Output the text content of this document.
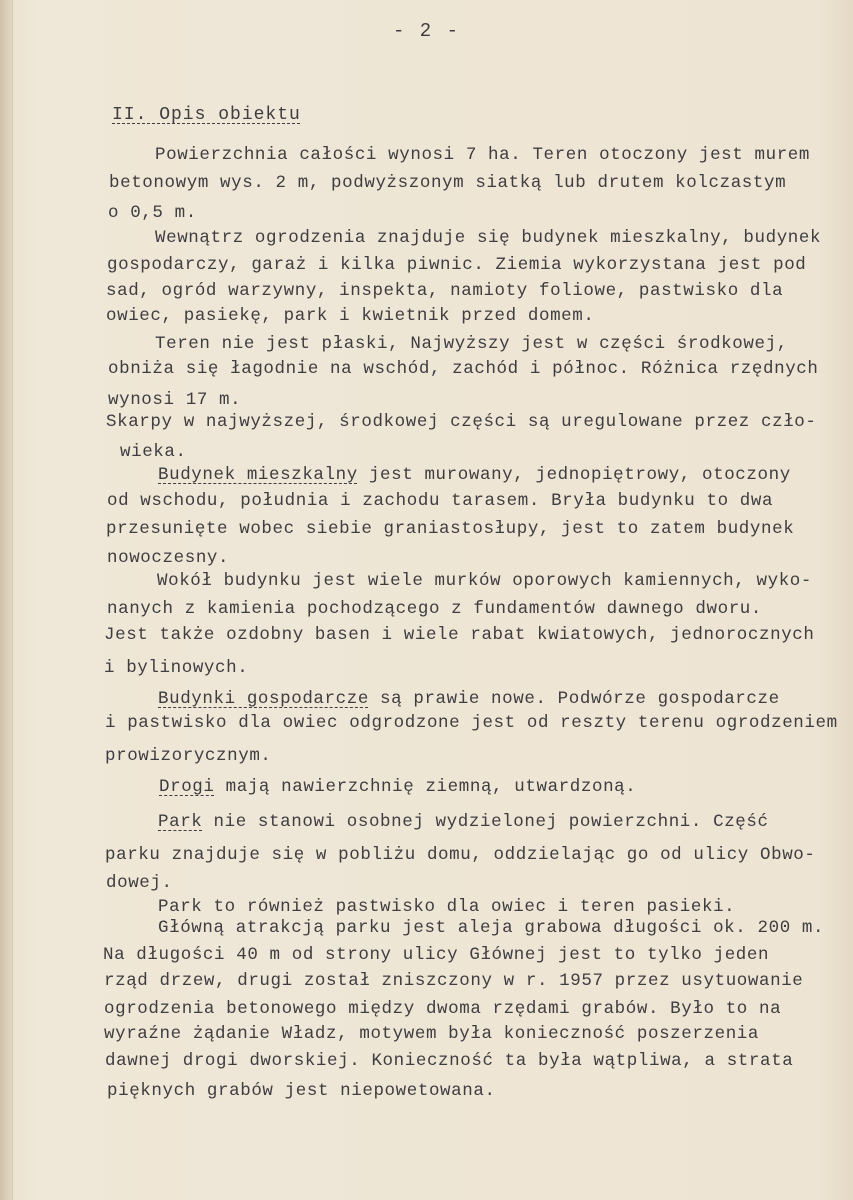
- 2 -
II. Opis obiektu
Powierzchnia całości wynosi 7 ha. Teren otoczony jest murem
betonowym wys. 2 m, podwyższonym siatką lub drutem kolczastym
o 0,5 m.
Wewnątrz ogrodzenia znajduje się budynek mieszkalny, budynek
gospodarczy, garaż i kilka piwnic. Ziemia wykorzystana jest pod
sad, ogród warzywny, inspekta, namioty foliowe, pastwisko dla
owiec, pasiekę, park i kwietnik przed domem.
Teren nie jest płaski, Najwyższy jest w części środkowej,
obniża się łagodnie na wschód, zachód i północ. Różnica rzędnych
wynosi 17 m.
Skarpy w najwyższej, środkowej części są uregulowane przez czło-
wieka.
Budynek mieszkalny jest murowany, jednopiętrowy, otoczony
od wschodu, południa i zachodu tarasem. Bryła budynku to dwa
przesunięte wobec siebie graniastosłupy, jest to zatem budynek
nowoczesny.
Wokół budynku jest wiele murków oporowych kamiennych, wyko-
nanych z kamienia pochodzącego z fundamentów dawnego dworu.
Jest także ozdobny basen i wiele rabat kwiatowych, jednorocznych
i bylinowych.
Budynki gospodarcze są prawie nowe. Podwórze gospodarcze
i pastwisko dla owiec odgrodzone jest od reszty terenu ogrodzeniem
prowizorycznym.
Drogi mają nawierzchnię ziemną, utwardzoną.
Park nie stanowi osobnej wydzielonej powierzchni. Część
parku znajduje się w pobliżu domu, oddzielając go od ulicy Obwo-
dowej.
Park to również pastwisko dla owiec i teren pasieki.
Główną atrakcją parku jest aleja grabowa długości ok. 200 m.
Na długości 40 m od strony ulicy Głównej jest to tylko jeden
rząd drzew, drugi został zniszczony w r. 1957 przez usytuowanie
ogrodzenia betonowego między dwoma rzędami grabów. Było to na
wyraźne żądanie Władz, motywem była konieczność poszerzenia
dawnej drogi dworskiej. Konieczność ta była wątpliwa, a strata
pięknych grabów jest niepowetowana.
